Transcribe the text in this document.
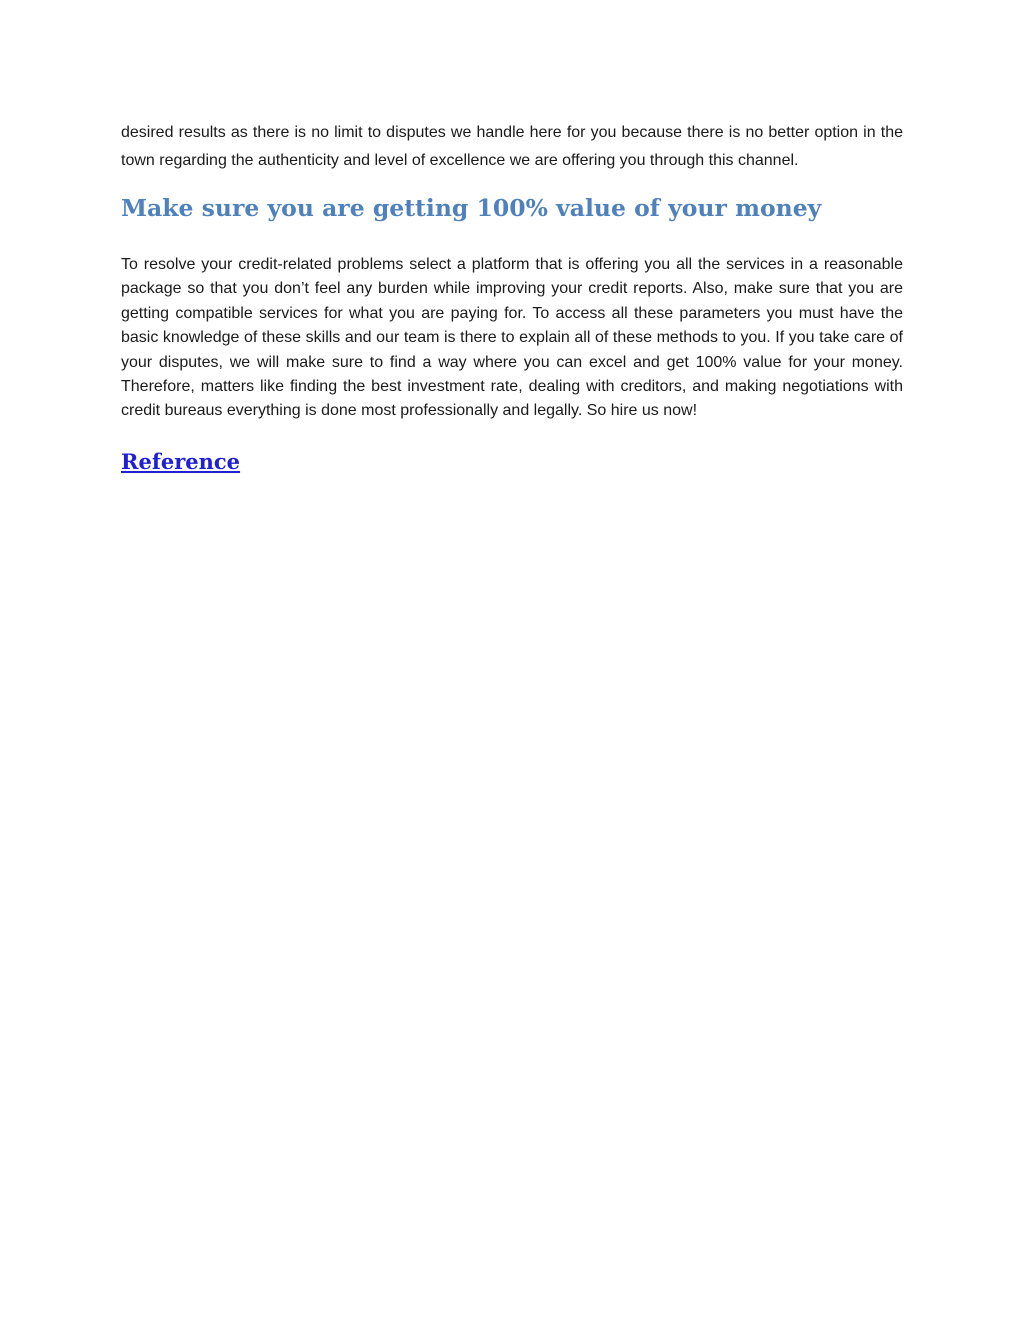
desired results as there is no limit to disputes we handle here for you because there is no better option in the town regarding the authenticity and level of excellence we are offering you through this channel.

Make sure you are getting 100% value of your money

To resolve your credit-related problems select a platform that is offering you all the services in a reasonable package so that you don’t feel any burden while improving your credit reports. Also, make sure that you are getting compatible services for what you are paying for. To access all these parameters you must have the basic knowledge of these skills and our team is there to explain all of these methods to you. If you take care of your disputes, we will make sure to find a way where you can excel and get 100% value for your money. Therefore, matters like finding the best investment rate, dealing with creditors, and making negotiations with credit bureaus everything is done most professionally and legally. So hire us now!

Reference
